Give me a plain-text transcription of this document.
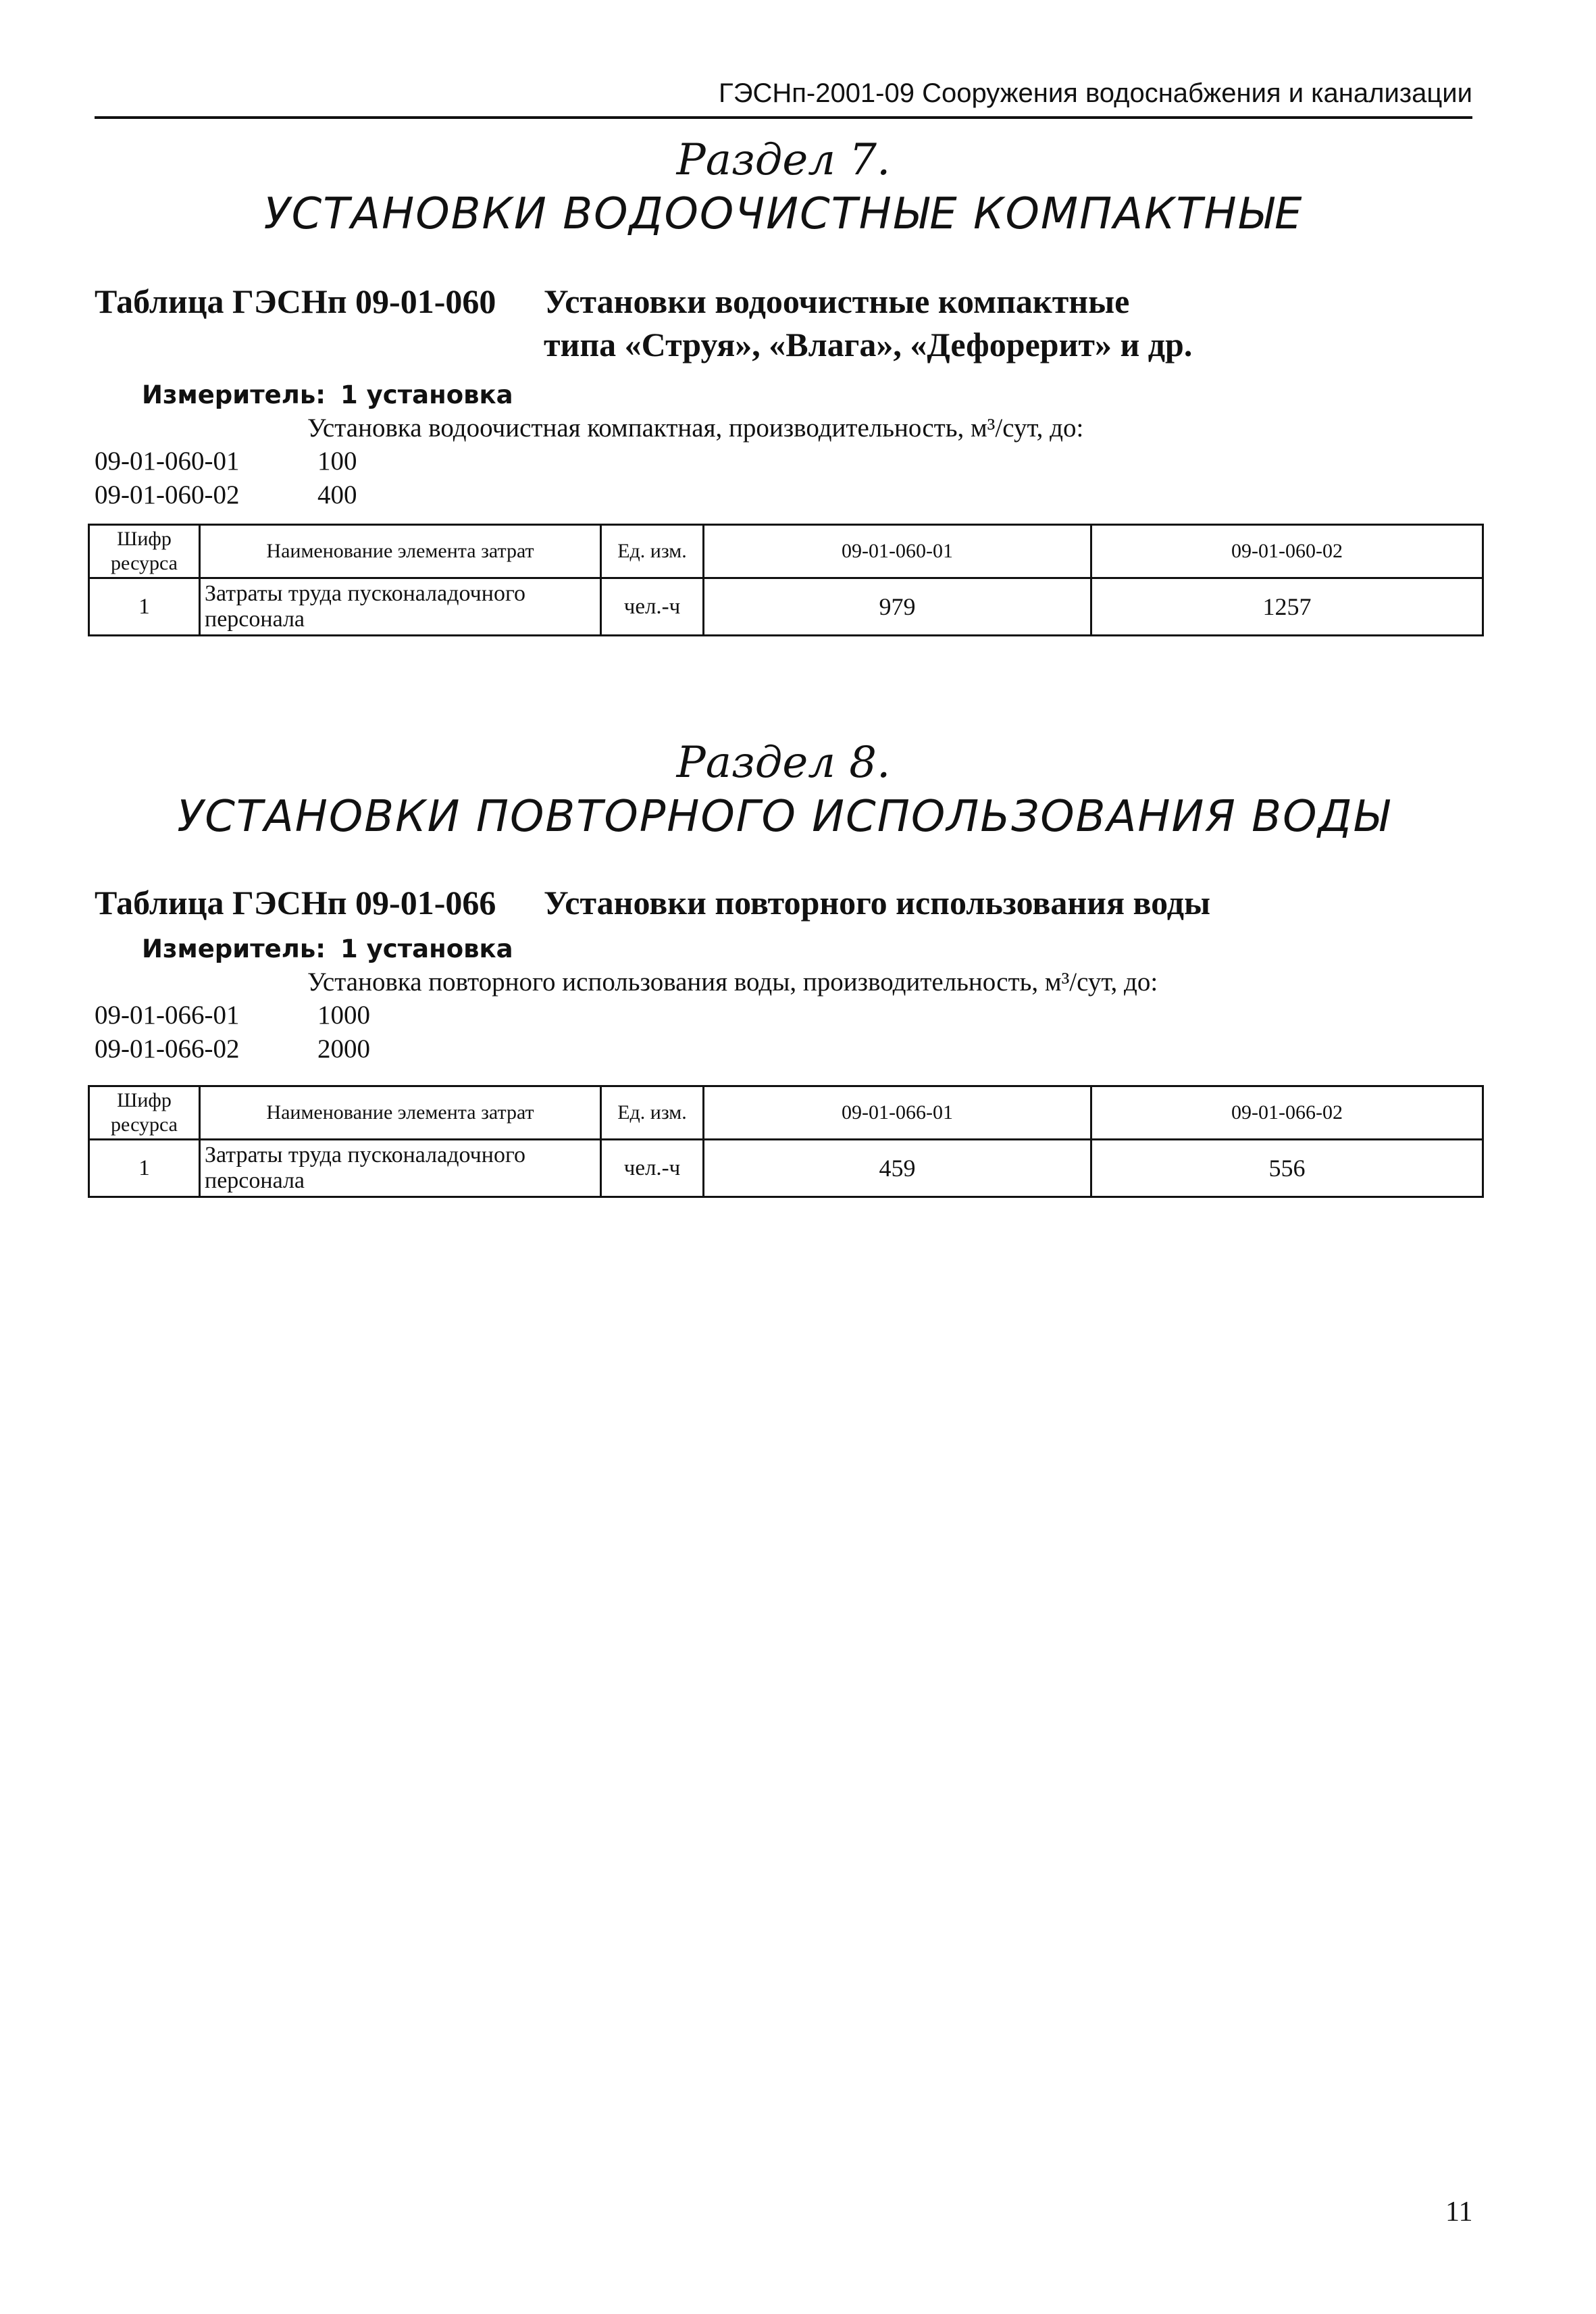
ГЭСНп-2001-09 Сооружения водоснабжения и канализации
Раздел 7.
УСТАНОВКИ ВОДООЧИСТНЫЕ КОМПАКТНЫЕ
Таблица ГЭСНп 09-01-060 Установки водоочистные компактные
типа «Струя», «Влага», «Дефорерит» и др.
Измеритель: 1 установка
Установка водоочистная компактная, производительность, м³/сут, до:
09-01-060-01	100
09-01-060-02	400
Шифр ресурса	Наименование элемента затрат	Ед. изм.	09-01-060-01	09-01-060-02
1	Затраты труда пусконаладочного персонала	чел.-ч	979	1257
Раздел 8.
УСТАНОВКИ ПОВТОРНОГО ИСПОЛЬЗОВАНИЯ ВОДЫ
Таблица ГЭСНп 09-01-066 Установки повторного использования воды
Измеритель: 1 установка
Установка повторного использования воды, производительность, м³/сут, до:
09-01-066-01	1000
09-01-066-02	2000
Шифр ресурса	Наименование элемента затрат	Ед. изм.	09-01-066-01	09-01-066-02
1	Затраты труда пусконаладочного персонала	чел.-ч	459	556
11
